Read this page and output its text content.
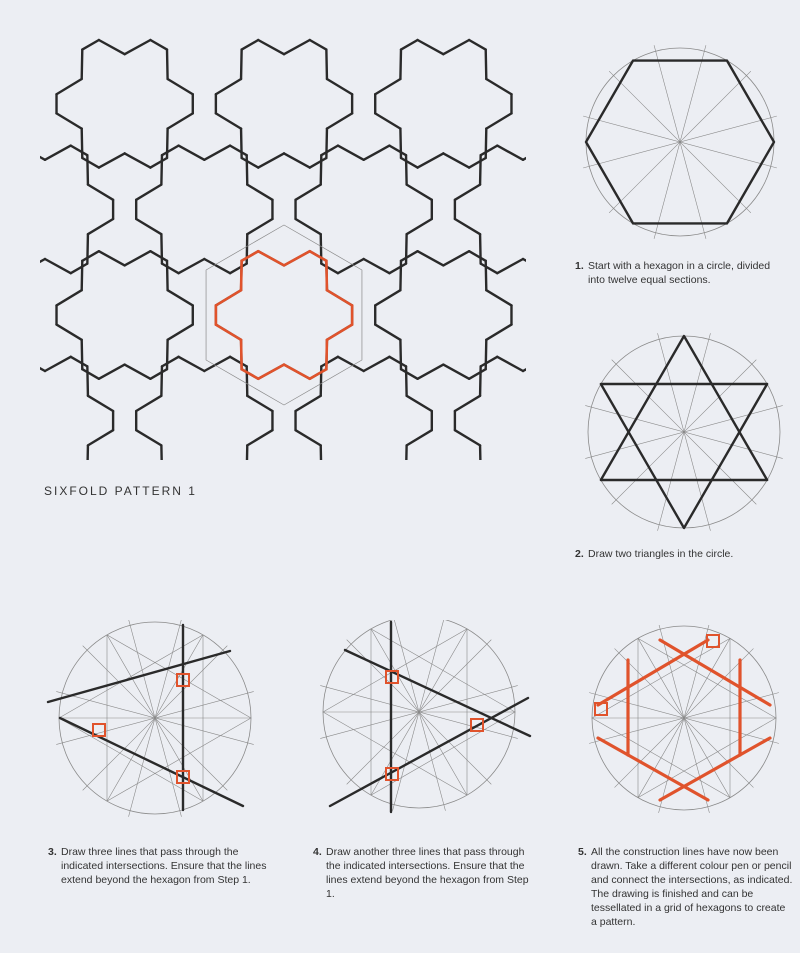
SIXFOLD PATTERN 1
1. Start with a hexagon in a circle, divided into twelve equal sections.
2. Draw two triangles in the circle.
3. Draw three lines that pass through the indicated intersections. Ensure that the lines extend beyond the hexagon from Step 1.
4. Draw another three lines that pass through the indicated intersections. Ensure that the lines extend beyond the hexagon from Step 1.
5. All the construction lines have now been drawn. Take a different colour pen or pencil and connect the intersections, as indicated. The drawing is finished and can be tessellated in a grid of hexagons to create a pattern.
